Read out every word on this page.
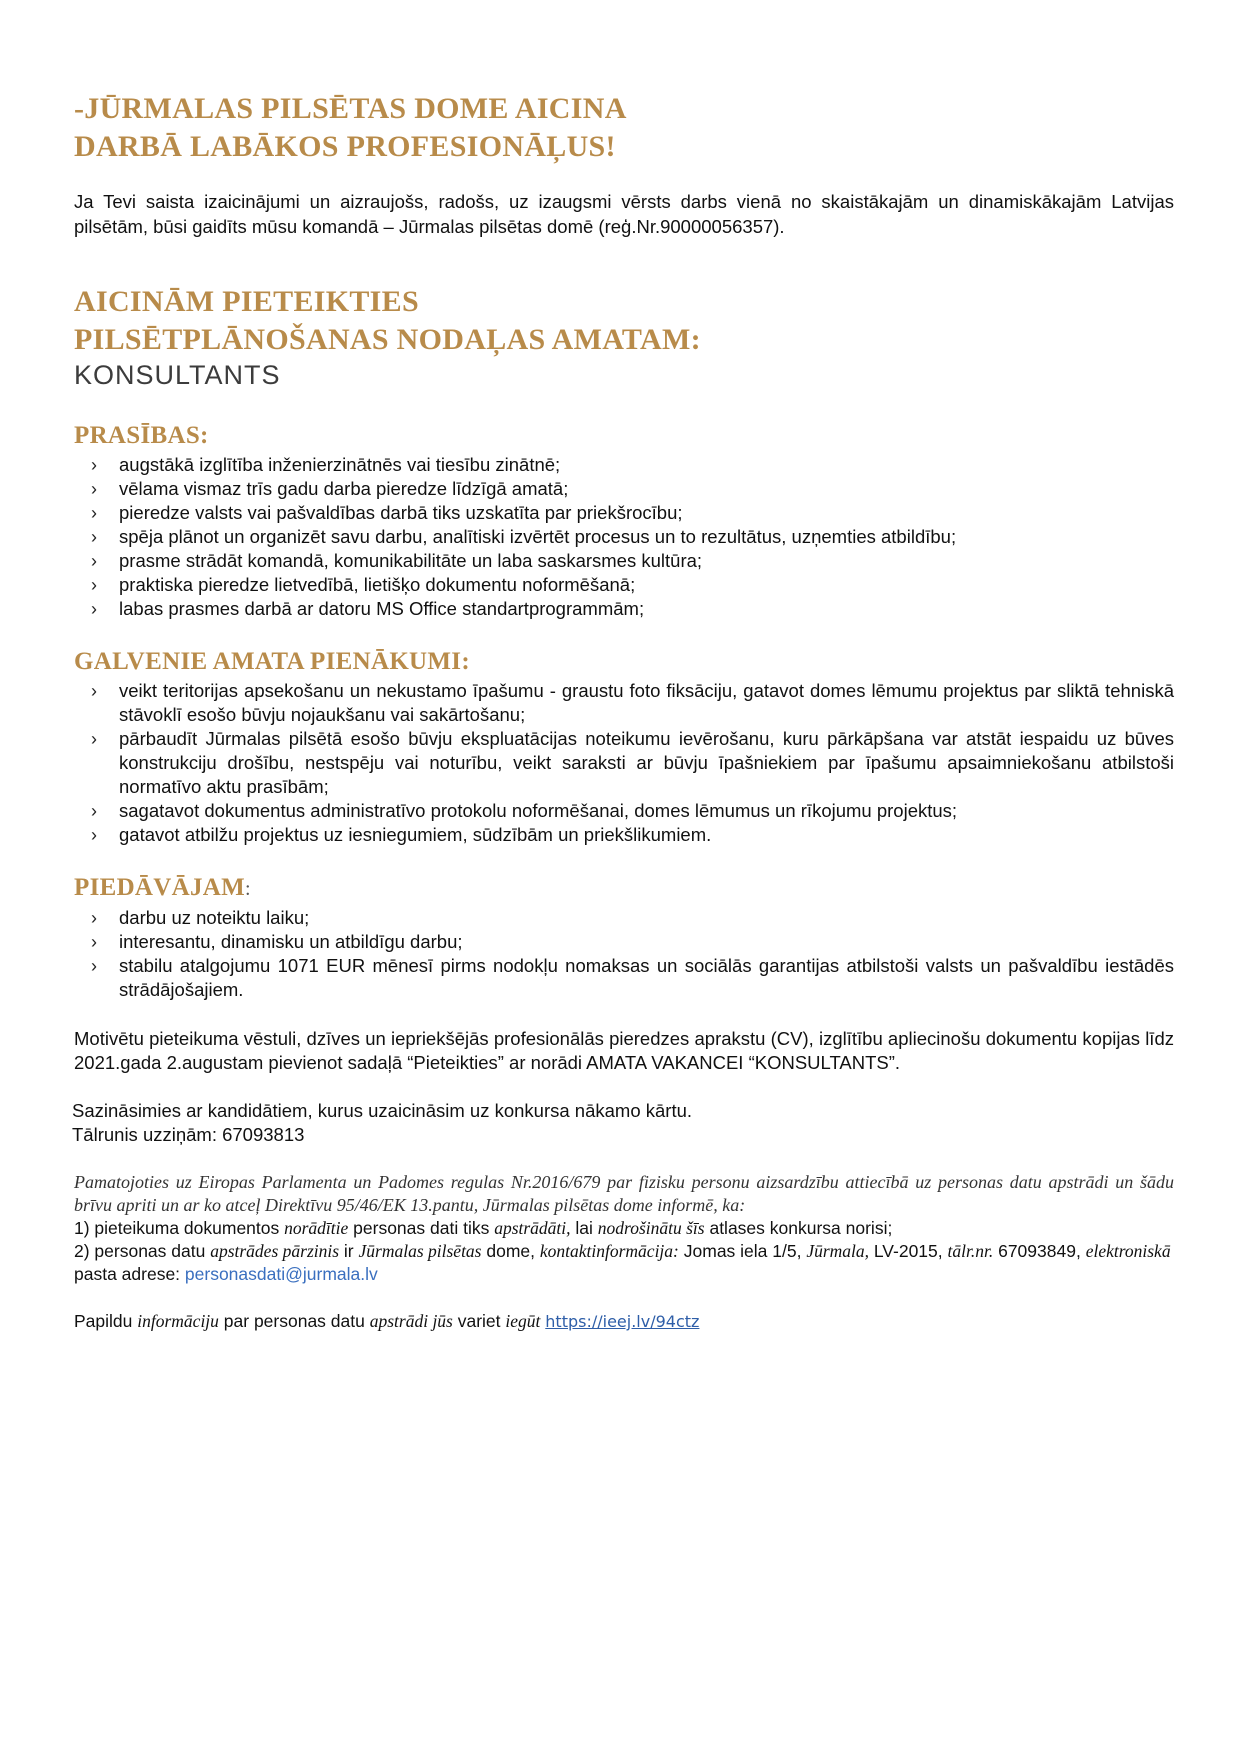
-JŪRMALAS PILSĒTAS DOME AICINA
DARBĀ LABĀKOS PROFESIONĀĻUS!

Ja Tevi saista izaicinājumi un aizraujošs, radošs, uz izaugsmi vērsts darbs vienā no skaistākajām un dinamiskākajām Latvijas pilsētām, būsi gaidīts mūsu komandā – Jūrmalas pilsētas domē (reģ.Nr.90000056357).

AICINĀM PIETEIKTIES
PILSĒTPLĀNOŠANAS NODAĻAS AMATAM:
KONSULTANTS
PRASĪBAS:
› augstākā izglītība inženierzinātnēs vai tiesību zinātnē;
› vēlama vismaz trīs gadu darba pieredze līdzīgā amatā;
› pieredze valsts vai pašvaldības darbā tiks uzskatīta par priekšrocību;
› spēja plānot un organizēt savu darbu, analītiski izvērtēt procesus un to rezultātus, uzņemties atbildību;
› prasme strādāt komandā, komunikabilitāte un laba saskarsmes kultūra;
› praktiska pieredze lietvedībā, lietišķo dokumentu noformēšanā;
› labas prasmes darbā ar datoru MS Office standartprogrammām;
GALVENIE AMATA PIENĀKUMI:
› veikt teritorijas apsekošanu un nekustamo īpašumu - graustu foto fiksāciju, gatavot domes lēmumu projektus par sliktā tehniskā stāvoklī esošo būvju nojaukšanu vai sakārtošanu;
› pārbaudīt Jūrmalas pilsētā esošo būvju ekspluatācijas noteikumu ievērošanu, kuru pārkāpšana var atstāt iespaidu uz būves konstrukciju drošību, nestspēju vai noturību, veikt saraksti ar būvju īpašniekiem par īpašumu apsaimniekošanu atbilstoši normatīvo aktu prasībām;
› sagatavot dokumentus administratīvo protokolu noformēšanai, domes lēmumus un rīkojumu projektus;
› gatavot atbilžu projektus uz iesniegumiem, sūdzībām un priekšlikumiem.
PIEDĀVĀJAM:
› darbu uz noteiktu laiku;
› interesantu, dinamisku un atbildīgu darbu;
› stabilu atalgojumu 1071 EUR mēnesī pirms nodokļu nomaksas un sociālās garantijas atbilstoši valsts un pašvaldību iestādēs strādājošajiem.

Motivētu pieteikuma vēstuli, dzīves un iepriekšējās profesionālās pieredzes aprakstu (CV), izglītību apliecinošu dokumentu kopijas līdz 2021.gada 2.augustam pievienot sadaļā “Pieteikties” ar norādi AMATA VAKANCEI “KONSULTANTS”.

Sazināsimies ar kandidātiem, kurus uzaicināsim uz konkursa nākamo kārtu.
Tālrunis uzziņām: 67093813
Pamatojoties uz Eiropas Parlamenta un Padomes regulas Nr.2016/679 par fizisku personu aizsardzību attiecībā uz personas datu apstrādi un šādu brīvu apriti un ar ko atceļ Direktīvu 95/46/EK 13.pantu, Jūrmalas pilsētas dome informē, ka:
1) pieteikuma dokumentos norādītie personas dati tiks apstrādāti, lai nodrošinātu šīs atlases konkursa norisi;
2) personas datu apstrādes pārzinis ir Jūrmalas pilsētas dome, kontaktinformācija: Jomas iela 1/5, Jūrmala, LV-2015, tālr.nr. 67093849, elektroniskā pasta adrese: personasdati@jurmala.lv
Papildu informāciju par personas datu apstrādi jūs variet iegūt https://ieej.lv/94ctz
